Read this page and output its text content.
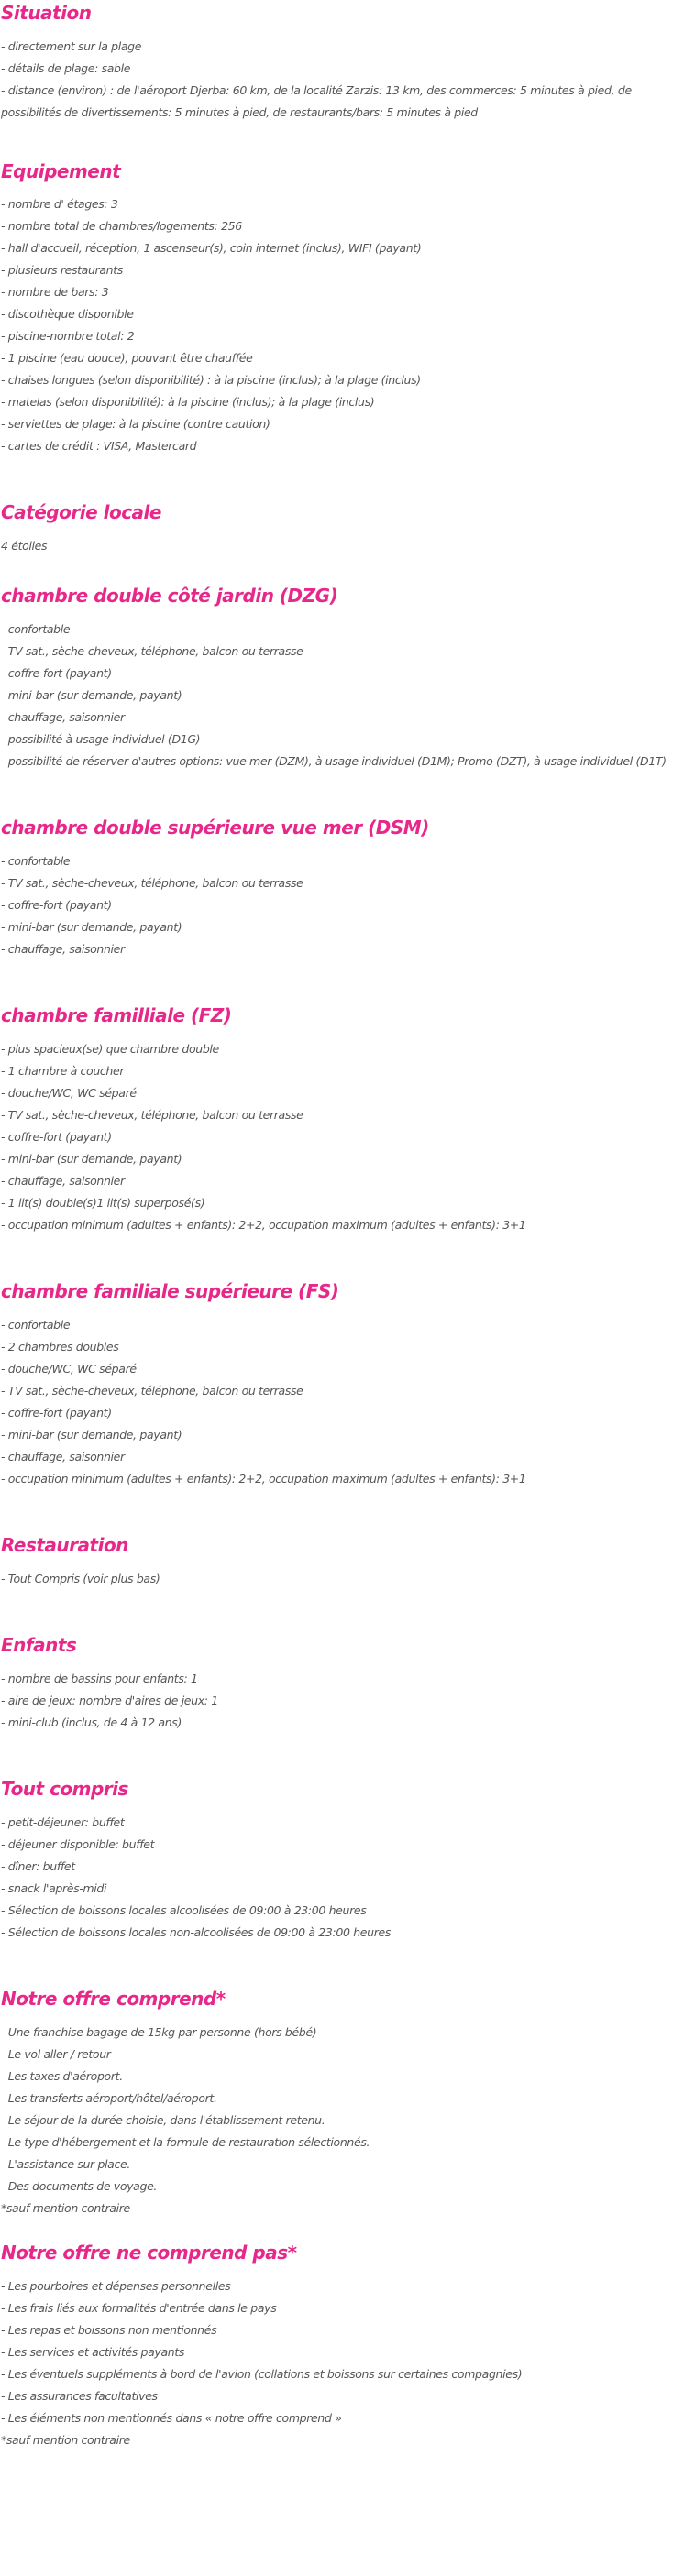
Situation
- directement sur la plage
- détails de plage: sable
- distance (environ) : de l'aéroport Djerba: 60 km, de la localité Zarzis: 13 km, des commerces: 5 minutes à pied, de possibilités de divertissements: 5 minutes à pied, de restaurants/bars: 5 minutes à pied
Equipement
- nombre d' étages: 3
- nombre total de chambres/logements: 256
- hall d'accueil, réception, 1 ascenseur(s), coin internet (inclus), WIFI (payant)
- plusieurs restaurants
- nombre de bars: 3
- discothèque disponible
- piscine-nombre total: 2
- 1 piscine (eau douce), pouvant être chauffée
- chaises longues (selon disponibilité) : à la piscine (inclus); à la plage (inclus)
- matelas (selon disponibilité): à la piscine (inclus); à la plage (inclus)
- serviettes de plage: à la piscine (contre caution)
- cartes de crédit : VISA, Mastercard
Catégorie locale
4 étoiles
chambre double côté jardin (DZG)
- confortable
- TV sat., sèche-cheveux, téléphone, balcon ou terrasse
- coffre-fort (payant)
- mini-bar (sur demande, payant)
- chauffage, saisonnier
- possibilité à usage individuel (D1G)
- possibilité de réserver d'autres options: vue mer (DZM), à usage individuel (D1M); Promo (DZT), à usage individuel (D1T)
chambre double supérieure vue mer (DSM)
- confortable
- TV sat., sèche-cheveux, téléphone, balcon ou terrasse
- coffre-fort (payant)
- mini-bar (sur demande, payant)
- chauffage, saisonnier
chambre familliale (FZ)
- plus spacieux(se) que chambre double
- 1 chambre à coucher
- douche/WC, WC séparé
- TV sat., sèche-cheveux, téléphone, balcon ou terrasse
- coffre-fort (payant)
- mini-bar (sur demande, payant)
- chauffage, saisonnier
- 1 lit(s) double(s)1 lit(s) superposé(s)
- occupation minimum (adultes + enfants): 2+2, occupation maximum (adultes + enfants): 3+1
chambre familiale supérieure (FS)
- confortable
- 2 chambres doubles
- douche/WC, WC séparé
- TV sat., sèche-cheveux, téléphone, balcon ou terrasse
- coffre-fort (payant)
- mini-bar (sur demande, payant)
- chauffage, saisonnier
- occupation minimum (adultes + enfants): 2+2, occupation maximum (adultes + enfants): 3+1
Restauration
- Tout Compris (voir plus bas)
Enfants
- nombre de bassins pour enfants: 1
- aire de jeux: nombre d'aires de jeux: 1
- mini-club (inclus, de 4 à 12 ans)
Tout compris
- petit-déjeuner: buffet
- déjeuner disponible: buffet
- dîner: buffet
- snack l'après-midi
- Sélection de boissons locales alcoolisées de 09:00 à 23:00 heures
- Sélection de boissons locales non-alcoolisées de 09:00 à 23:00 heures
Notre offre comprend*
- Une franchise bagage de 15kg par personne (hors bébé)
- Le vol aller / retour
- Les taxes d'aéroport.
- Les transferts aéroport/hôtel/aéroport.
- Le séjour de la durée choisie, dans l'établissement retenu.
- Le type d'hébergement et la formule de restauration sélectionnés.
- L'assistance sur place.
- Des documents de voyage.
*sauf mention contraire
Notre offre ne comprend pas*
- Les pourboires et dépenses personnelles
- Les frais liés aux formalités d'entrée dans le pays
- Les repas et boissons non mentionnés
- Les services et activités payants
- Les éventuels suppléments à bord de l'avion (collations et boissons sur certaines compagnies)
- Les assurances facultatives
- Les éléments non mentionnés dans « notre offre comprend »
*sauf mention contraire
